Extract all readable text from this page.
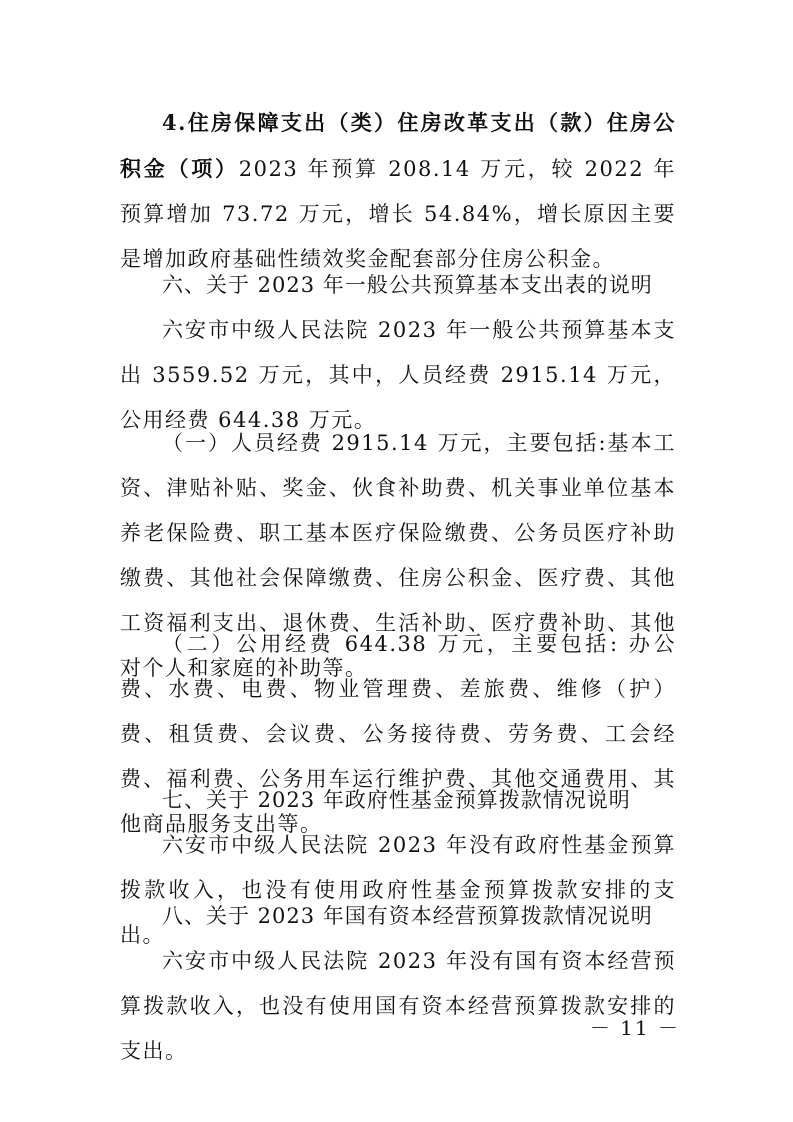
4.住房保障支出（类）住房改革支出（款）住房公积金（项）2023 年预算 208.14 万元，较 2022 年预算增加 73.72 万元，增长 54.84%，增长原因主要是增加政府基础性绩效奖金配套部分住房公积金。

六、关于 2023 年一般公共预算基本支出表的说明

六安市中级人民法院 2023 年一般公共预算基本支出 3559.52 万元，其中，人员经费 2915.14 万元，公用经费 644.38 万元。

（一）人员经费 2915.14 万元，主要包括:基本工资、津贴补贴、奖金、伙食补助费、机关事业单位基本养老保险费、职工基本医疗保险缴费、公务员医疗补助缴费、其他社会保障缴费、住房公积金、医疗费、其他工资福利支出、退休费、生活补助、医疗费补助、其他对个人和家庭的补助等。

（二）公用经费 644.38 万元，主要包括: 办公费、水费、电费、物业管理费、差旅费、维修（护）费、租赁费、会议费、公务接待费、劳务费、工会经费、福利费、公务用车运行维护费、其他交通费用、其他商品服务支出等。

七、关于 2023 年政府性基金预算拨款情况说明

六安市中级人民法院 2023 年没有政府性基金预算拨款收入，也没有使用政府性基金预算拨款安排的支出。

八、关于 2023 年国有资本经营预算拨款情况说明

六安市中级人民法院 2023 年没有国有资本经营预算拨款收入，也没有使用国有资本经营预算拨款安排的支出。

－ 11 －
